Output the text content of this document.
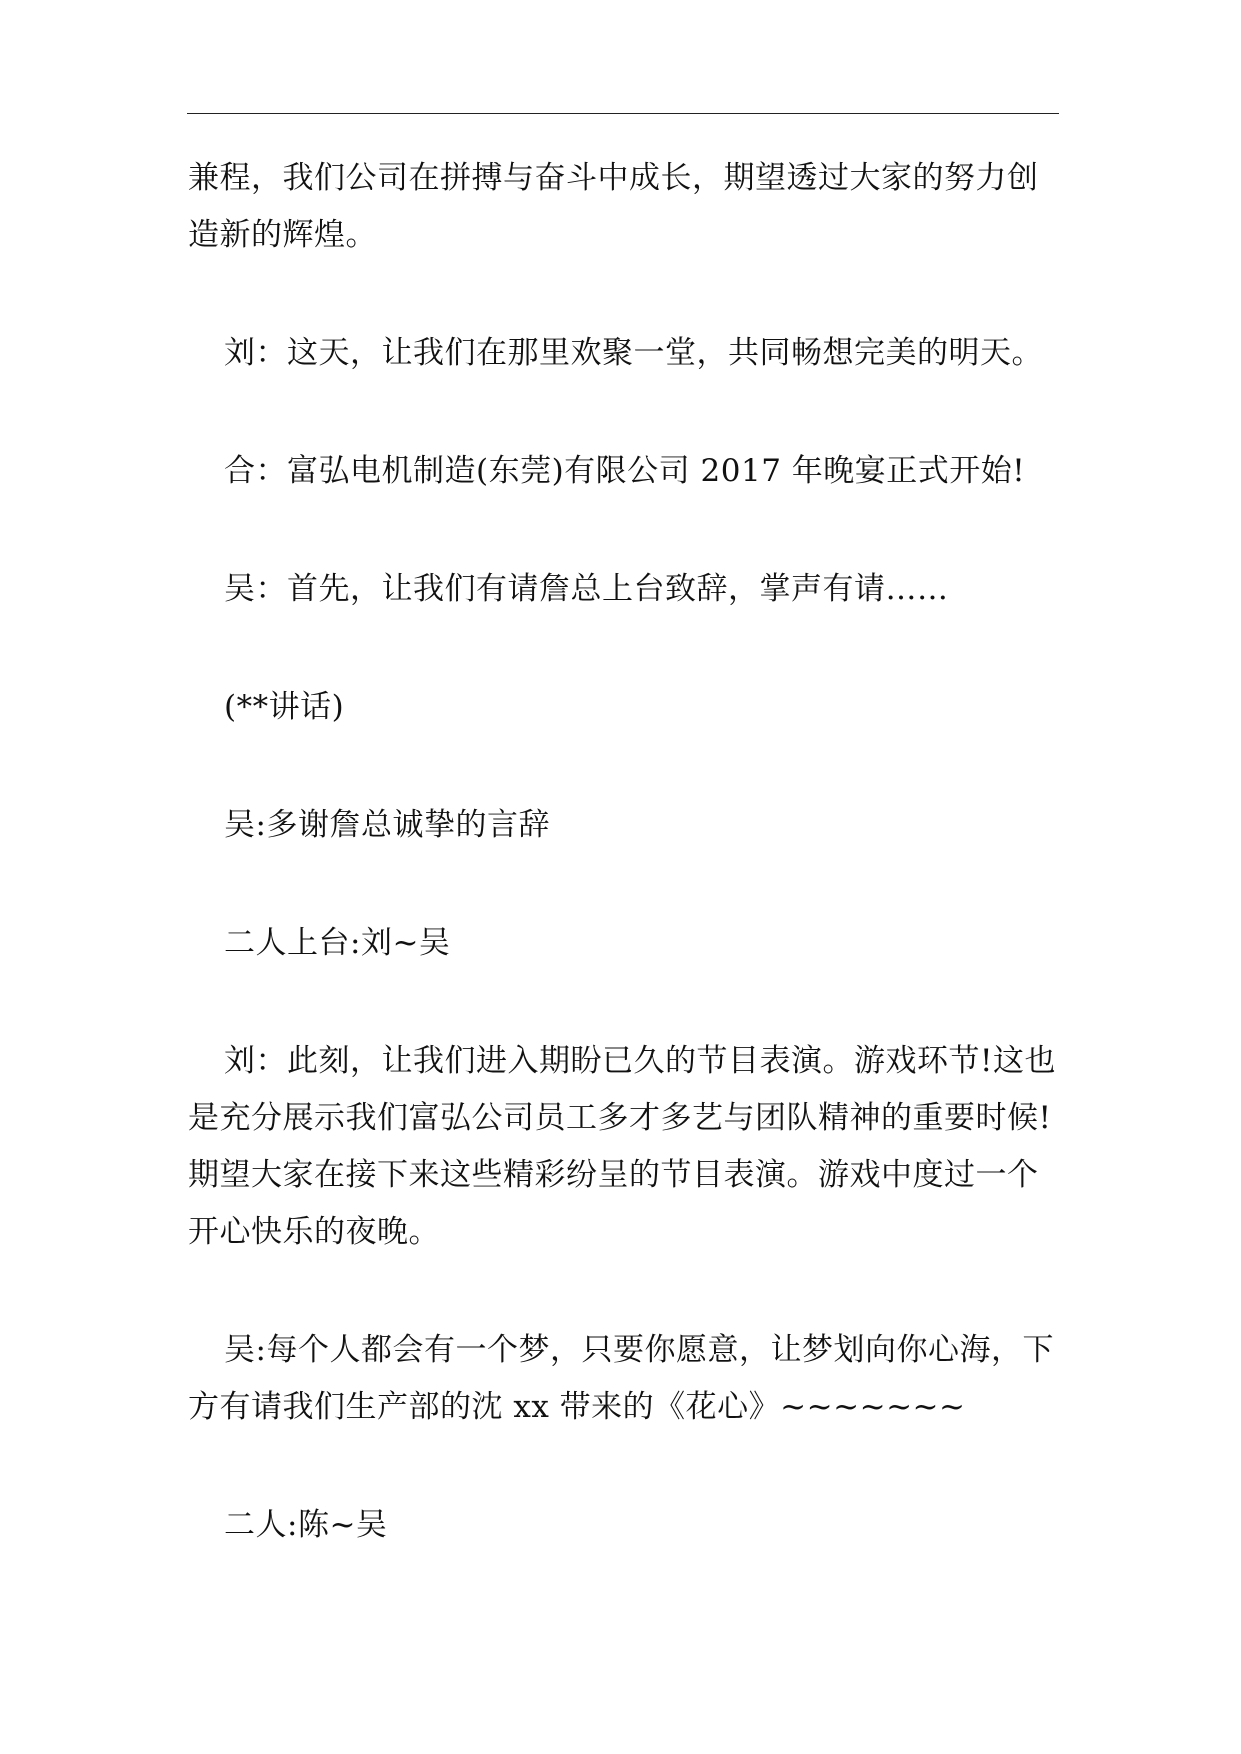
兼程，我们公司在拼搏与奋斗中成长，期望透过大家的努力创造新的辉煌。

刘：这天，让我们在那里欢聚一堂，共同畅想完美的明天。

合：富弘电机制造(东莞)有限公司 2017 年晚宴正式开始!

吴：首先，让我们有请詹总上台致辞，掌声有请……

(**讲话)

吴:多谢詹总诚挚的言辞

二人上台:刘~吴

刘：此刻，让我们进入期盼已久的节目表演。游戏环节!这也是充分展示我们富弘公司员工多才多艺与团队精神的重要时候!期望大家在接下来这些精彩纷呈的节目表演。游戏中度过一个开心快乐的夜晚。

吴:每个人都会有一个梦，只要你愿意，让梦划向你心海，下方有请我们生产部的沈 xx 带来的《花心》~~~~~~~

二人:陈~吴
